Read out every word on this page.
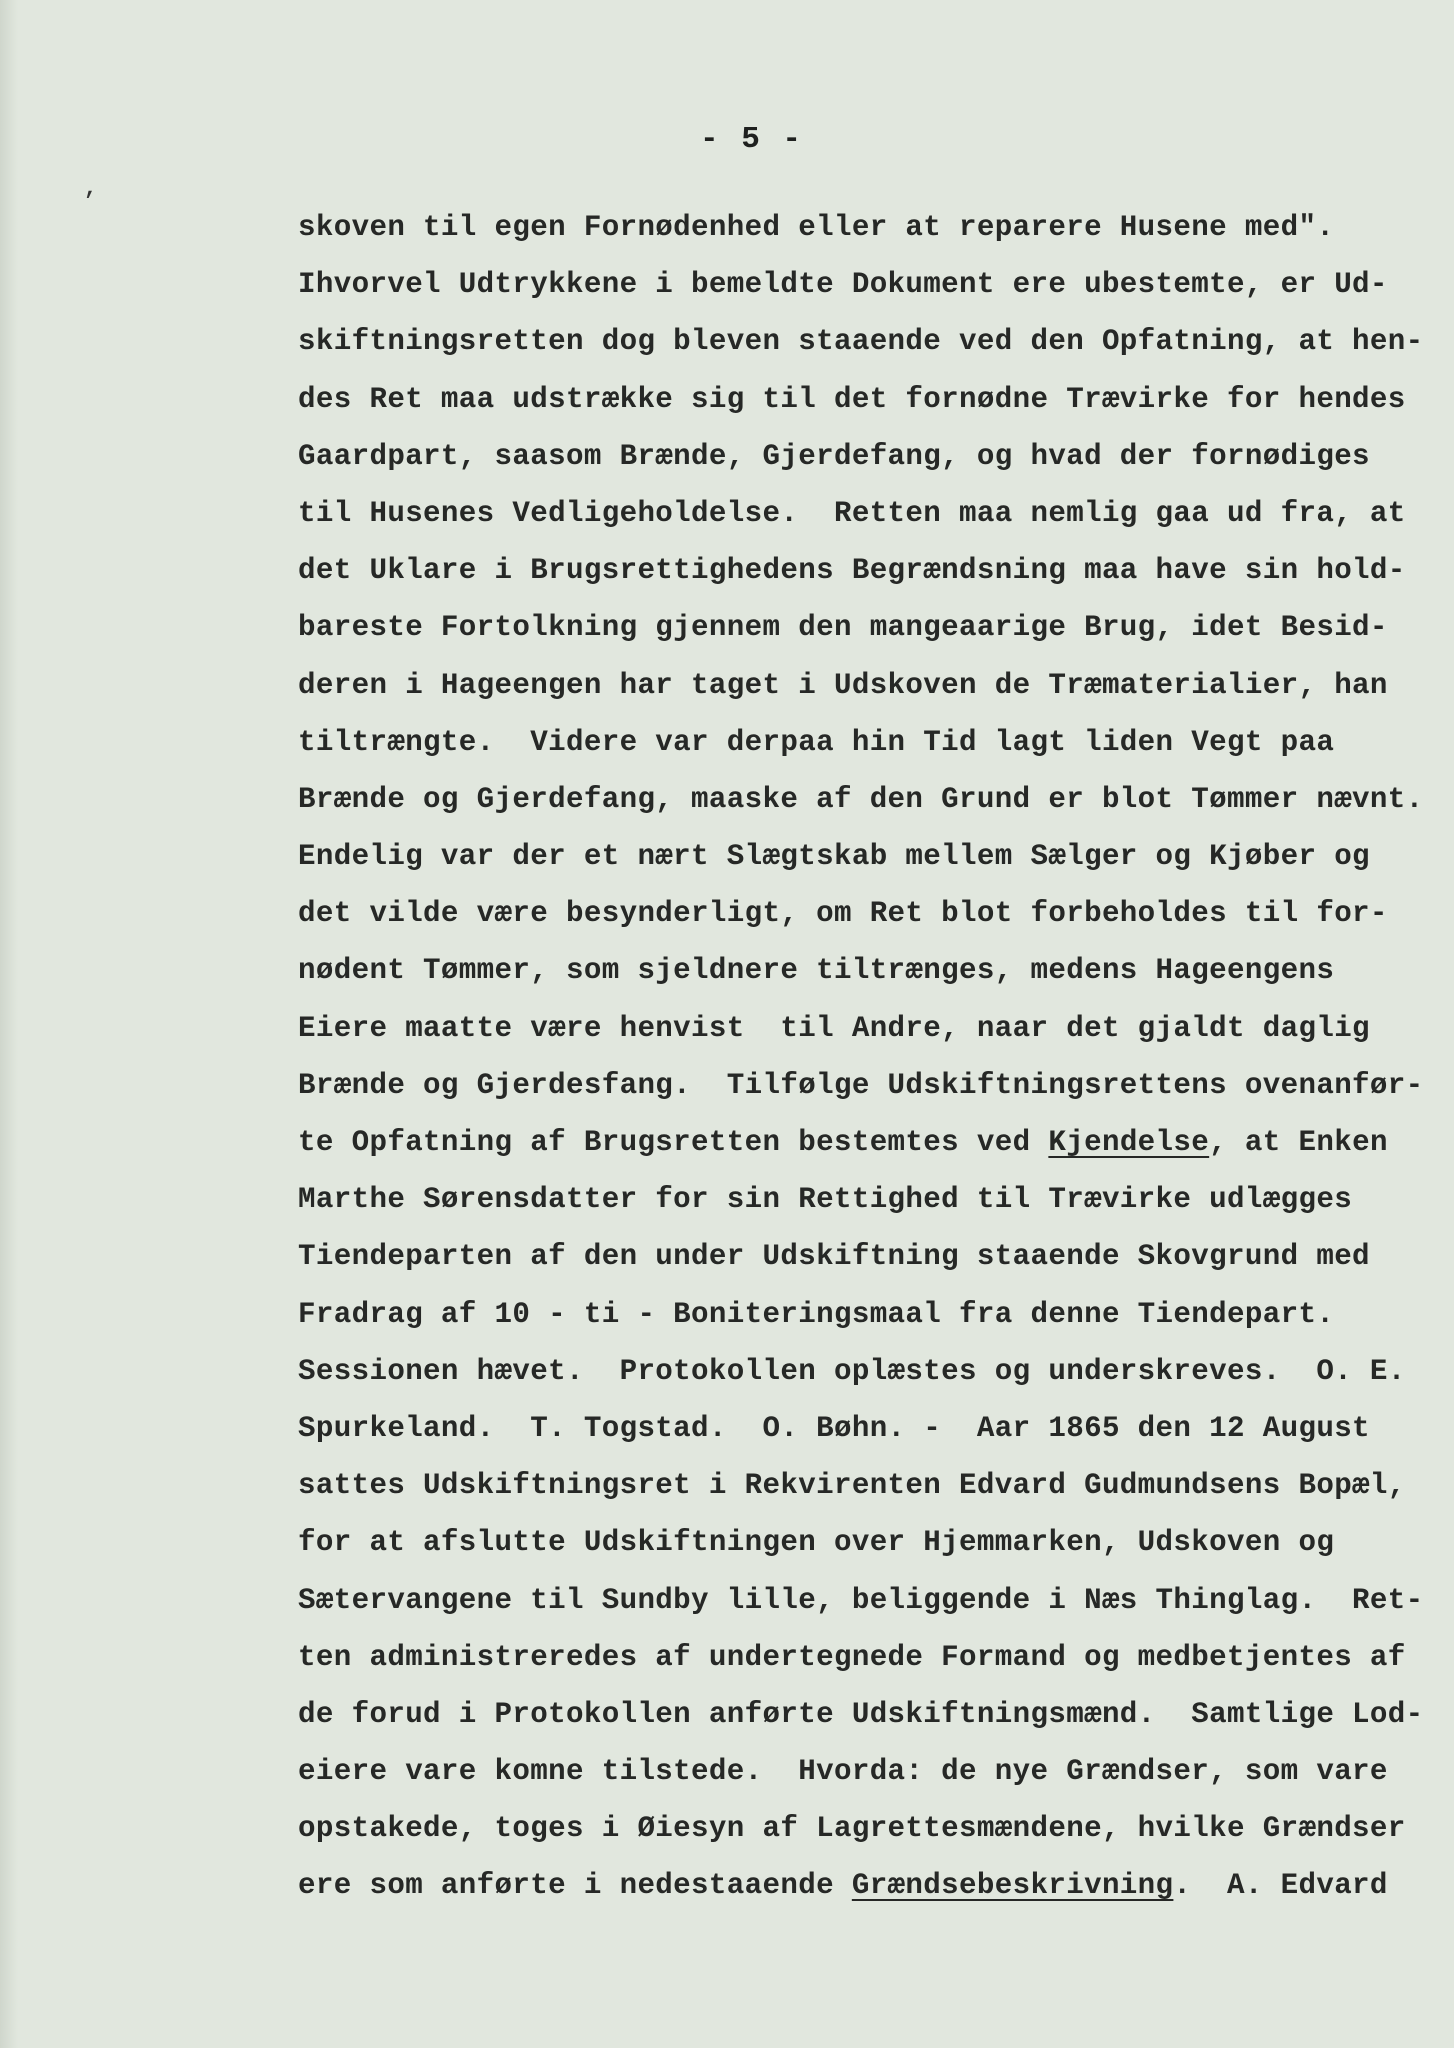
,
- 5 -
skoven til egen Fornødenhed eller at reparere Husene med".
Ihvorvel Udtrykkene i bemeldte Dokument ere ubestemte, er Ud-
skiftningsretten dog bleven staaende ved den Opfatning, at hen-
des Ret maa udstrække sig til det fornødne Trævirke for hendes
Gaardpart, saasom Brænde, Gjerdefang, og hvad der fornødiges
til Husenes Vedligeholdelse.  Retten maa nemlig gaa ud fra, at
det Uklare i Brugsrettighedens Begrændsning maa have sin hold-
bareste Fortolkning gjennem den mangeaarige Brug, idet Besid-
deren i Hageengen har taget i Udskoven de Træmaterialier, han
tiltrængte.  Videre var derpaa hin Tid lagt liden Vegt paa
Brænde og Gjerdefang, maaske af den Grund er blot Tømmer nævnt.
Endelig var der et nært Slægtskab mellem Sælger og Kjøber og
det vilde være besynderligt, om Ret blot forbeholdes til for-
nødent Tømmer, som sjeldnere tiltrænges, medens Hageengens
Eiere maatte være henvist  til Andre, naar det gjaldt daglig
Brænde og Gjerdesfang.  Tilfølge Udskiftningsrettens ovenanfør-
te Opfatning af Brugsretten bestemtes ved Kjendelse, at Enken
Marthe Sørensdatter for sin Rettighed til Trævirke udlægges
Tiendeparten af den under Udskiftning staaende Skovgrund med
Fradrag af 10 - ti - Boniteringsmaal fra denne Tiendepart.
Sessionen hævet.  Protokollen oplæstes og underskreves.  O. E.
Spurkeland.  T. Togstad.  O. Bøhn. -  Aar 1865 den 12 August
sattes Udskiftningsret i Rekvirenten Edvard Gudmundsens Bopæl,
for at afslutte Udskiftningen over Hjemmarken, Udskoven og
Sætervangene til Sundby lille, beliggende i Næs Thinglag.  Ret-
ten administreredes af undertegnede Formand og medbetjentes af
de forud i Protokollen anførte Udskiftningsmænd.  Samtlige Lod-
eiere vare komne tilstede.  Hvorda: de nye Grændser, som vare
opstakede, toges i Øiesyn af Lagrettesmændene, hvilke Grændser
ere som anførte i nedestaaende Grændsebeskrivning.  A. Edvard
